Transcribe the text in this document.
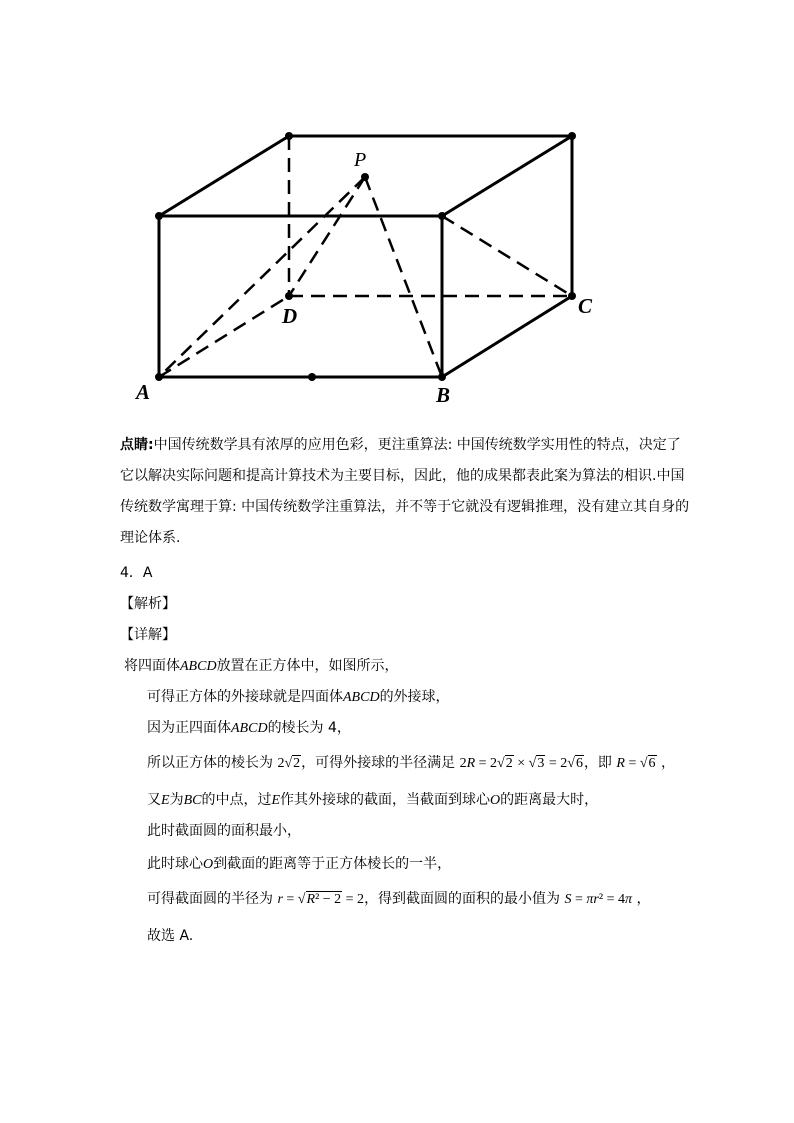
P
D	C
A	B
点睛:中国传统数学具有浓厚的应用色彩，更注重算法: 中国传统数学实用性的特点，决定了它以解决实际问题和提高计算技术为主要目标，因此，他的成果都表此案为算法的相识.中国传统数学寓理于算: 中国传统数学注重算法，并不等于它就没有逻辑推理，没有建立其自身的理论体系.
4．A
【解析】
【详解】
将四面体ABCD放置在正方体中，如图所示，
可得正方体的外接球就是四面体ABCD的外接球，
因为正四面体ABCD的棱长为 4，
所以正方体的棱长为 2√2，可得外接球的半径满足 2R = 2√2 × √3 = 2√6，即 R = √6 ，
又E为BC的中点，过E作其外接球的截面，当截面到球心O的距离最大时，
此时截面圆的面积最小，
此时球心O到截面的距离等于正方体棱长的一半，
可得截面圆的半径为 r = √R² − 2 = 2，得到截面圆的面积的最小值为 S = πr² = 4π ，
故选 A.
